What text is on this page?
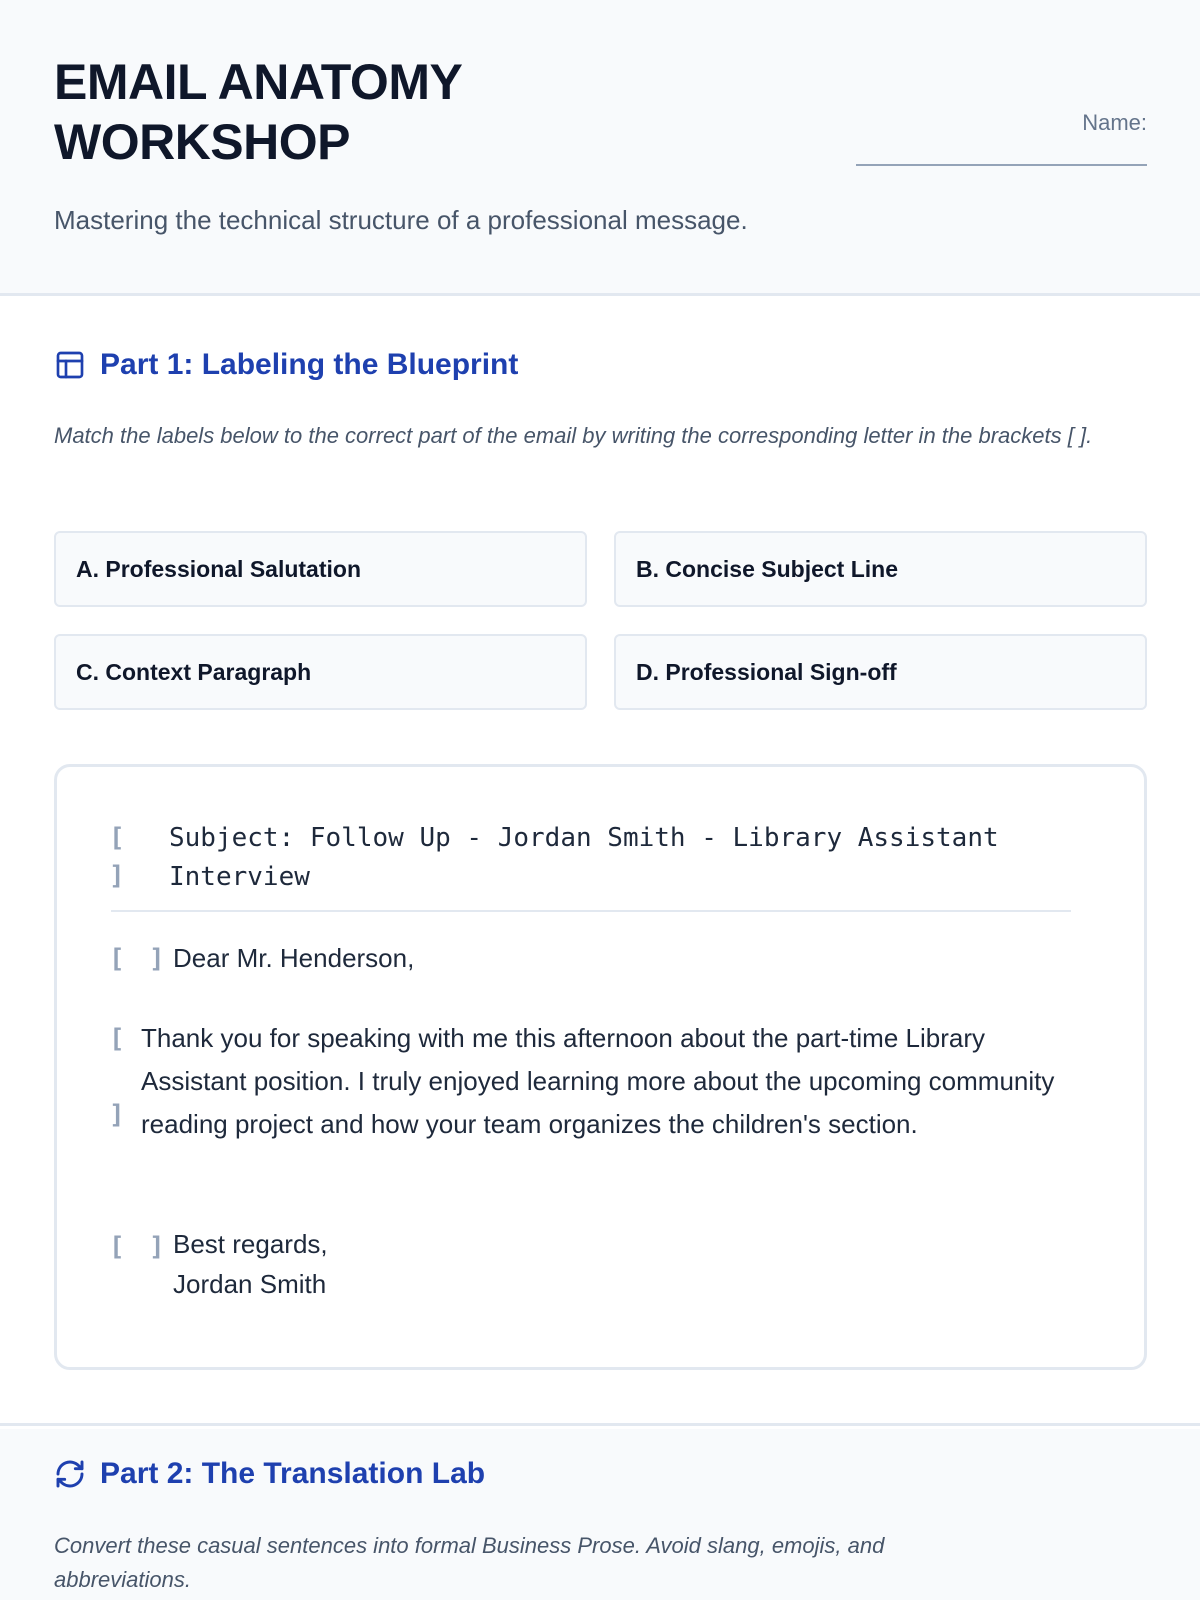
EMAIL ANATOMY
WORKSHOP	Name:
Mastering the technical structure of a professional message.
Part 1: Labeling the Blueprint
Match the labels below to the correct part of the email by writing the corresponding letter in the brackets [ ].
A. Professional Salutation	B. Concise Subject Line
C. Context Paragraph	D. Professional Sign-off
[
]
Subject: Follow Up - Jordan Smith - Library Assistant
Interview
[ ] Dear Mr. Henderson,
[
]
Thank you for speaking with me this afternoon about the part-time Library Assistant position. I truly enjoyed learning more about the upcoming community reading project and how your team organizes the children's section.
[ ] Best regards,
Jordan Smith
Part 2: The Translation Lab
Convert these casual sentences into formal Business Prose. Avoid slang, emojis, and abbreviations.
